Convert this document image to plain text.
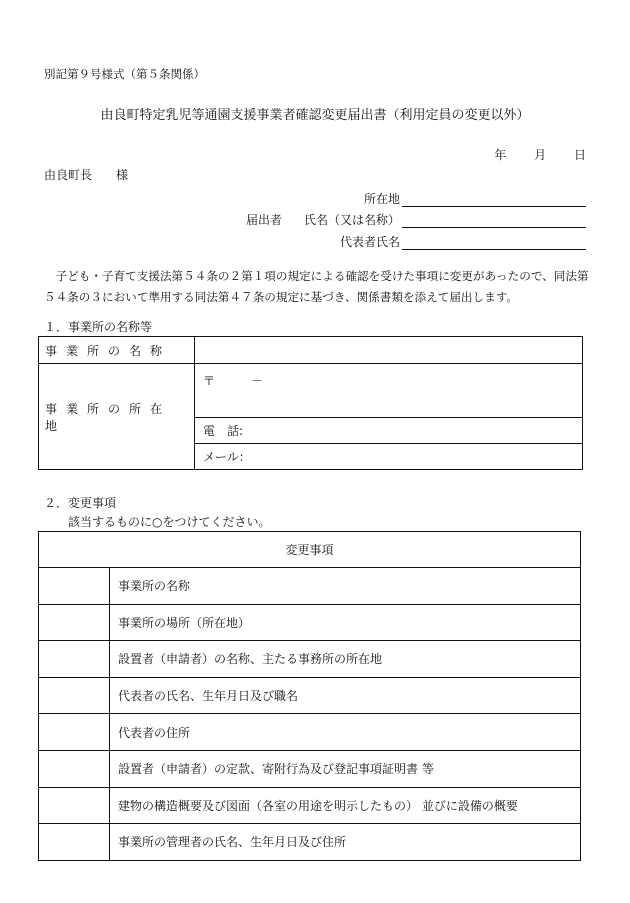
別記第９号様式（第５条関係）
由良町特定乳児等通園支援事業者確認変更届出書（利用定員の変更以外）
年 月 日
由良町長　　様
所在地
届出者 氏名（又は名称）
代表者氏名
　子ども・子育て支援法第５４条の２第１項の規定による確認を受けた事項に変更があったので、同法第５４条の３において準用する同法第４７条の規定に基づき、関係書類を添えて届出します。
１．事業所の名称等
事業所の名称	
事業所の所在地	〒　　　－
	電　話:
	メール：
２．変更事項
該当するものに○をつけてください。
変更事項	
	事業所の名称
	事業所の場所（所在地）
	設置者（申請者）の名称、主たる事務所の所在地
	代表者の氏名、生年月日及び職名
	代表者の住所
	設置者（申請者）の定款、寄附行為及び登記事項証明書 等
	建物の構造概要及び図面（各室の用途を明示したもの） 並びに設備の概要
	事業所の管理者の氏名、生年月日及び住所
